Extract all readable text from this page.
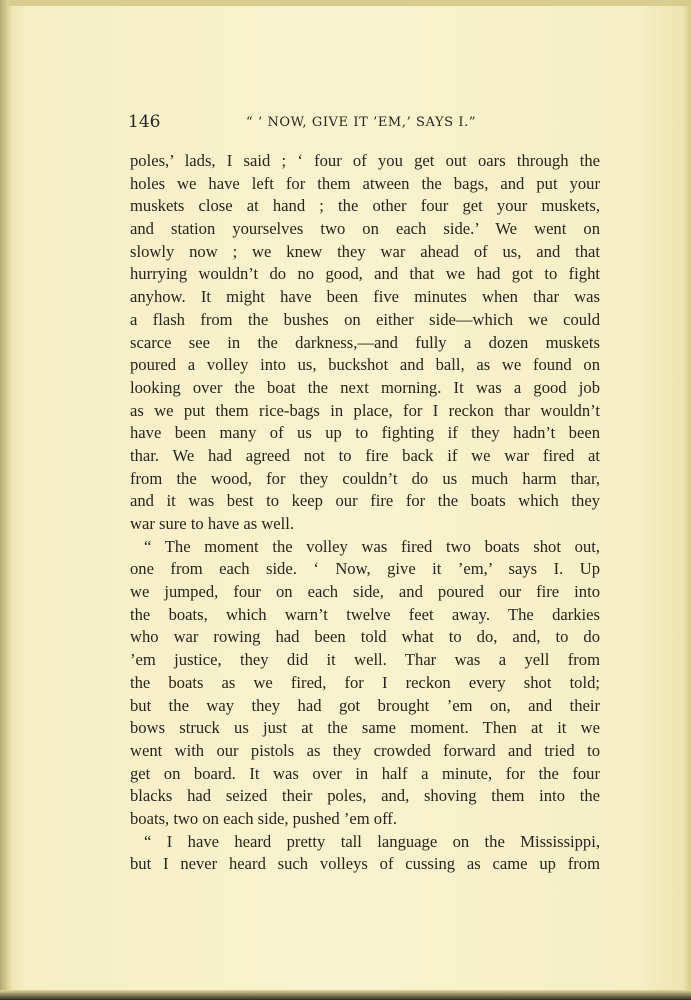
146	“ ‘ NOW, GIVE IT ’EM,’ SAYS I.”
poles,’ lads, I said ; ‘ four of you get out oars through the
holes we have left for them atween the bags, and put your
muskets close at hand ; the other four get your muskets,
and station yourselves two on each side.’ We went on
slowly now ; we knew they war ahead of us, and that
hurrying wouldn’t do no good, and that we had got to fight
anyhow. It might have been five minutes when thar was
a flash from the bushes on either side—which we could
scarce see in the darkness,—and fully a dozen muskets
poured a volley into us, buckshot and ball, as we found on
looking over the boat the next morning. It was a good job
as we put them rice-bags in place, for I reckon thar wouldn’t
have been many of us up to fighting if they hadn’t been
thar. We had agreed not to fire back if we war fired at
from the wood, for they couldn’t do us much harm thar,
and it was best to keep our fire for the boats which they
war sure to have as well.
“ The moment the volley was fired two boats shot out,
one from each side. ‘ Now, give it ’em,’ says I. Up
we jumped, four on each side, and poured our fire into
the boats, which warn’t twelve feet away. The darkies
who war rowing had been told what to do, and, to do
’em justice, they did it well. Thar was a yell from
the boats as we fired, for I reckon every shot told;
but the way they had got brought ’em on, and their
bows struck us just at the same moment. Then at it we
went with our pistols as they crowded forward and tried to
get on board. It was over in half a minute, for the four
blacks had seized their poles, and, shoving them into the
boats, two on each side, pushed ’em off.
“ I have heard pretty tall language on the Mississippi,
but I never heard such volleys of cussing as came up from
